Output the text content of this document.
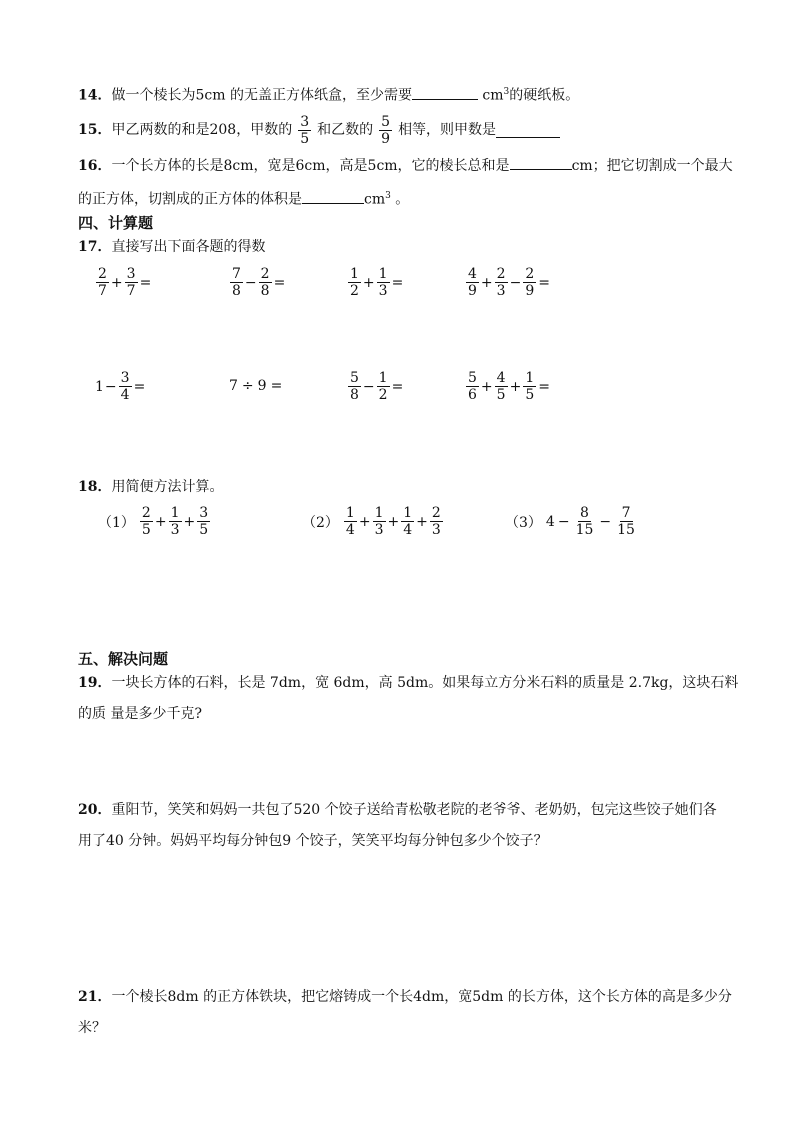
14．做一个棱长为5cm 的无盖正方体纸盒，至少需要	$cm^3$的硬纸板。
15． 甲乙两数的和是208，甲数的 $\frac{3}{5}$ 和乙数的 $\frac{5}{9}$ 相等，则甲数是
16．一个长方体的长是8cm，宽是6cm，高是5cm，它的棱长总和是	cm；把它切割成一个最大
的正方体，切割成的正方体的体积是	$cm^3$ 。
四、计算题
17．直接写出下面各题的得数
$\frac{2}{7} + \frac{3}{7}$ =	$\frac{7}{8} - \frac{2}{8}$ =	$\frac{1}{2} + \frac{1}{3}$ =	$\frac{4}{9} + \frac{2}{3} - \frac{2}{9}$ =
$1 - \frac{3}{4}$ =	7 ÷ 9 =	$\frac{5}{8} - \frac{1}{2}$ =	$\frac{5}{6} + \frac{4}{5} + \frac{1}{5}$ =
18．用简便方法计算。
$(1) \frac{2}{5} + \frac{1}{3} + \frac{3}{5}$	$(2) \frac{1}{4} + \frac{1}{3} + \frac{1}{4} + \frac{2}{3}$	（3） $4 - \frac{8}{15} - \frac{7}{15}$
五、解决问题
19．一块长方体的石料，长是 7dm，宽 6dm，高 5dm。如果每立方分米石料的质量是 2.7kg，这块石料
的质 量是多少千克?
20．重阳节，笑笑和妈妈一共包了520 个饺子送给青松敬老院的老爷爷、老奶奶，包完这些饺子她们各
用了40 分钟。妈妈平均每分钟包9 个饺子，笑笑平均每分钟包多少个饺子？
21．一个棱长8dm 的正方体铁块，把它熔铸成一个长4dm，宽5dm 的长方体，这个长方体的高是多少分
米？
